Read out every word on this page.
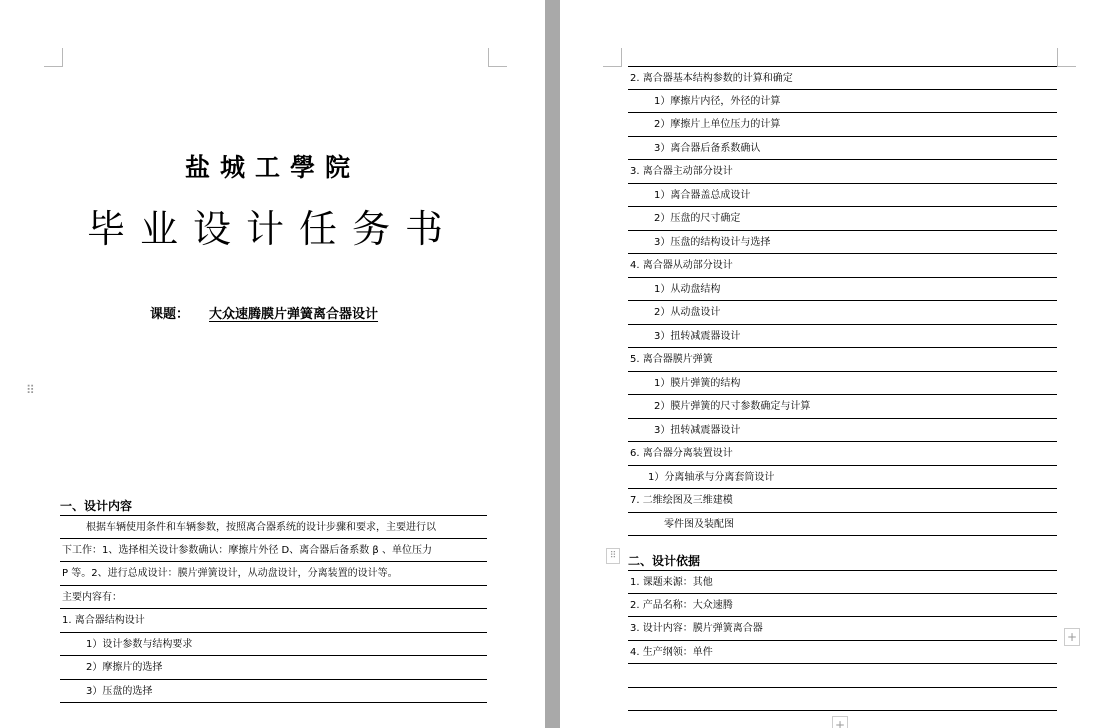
盐城工學院
毕业设计任务书
课题： 大众速腾膜片弹簧离合器设计
⠿
一、设计内容
根据车辆使用条件和车辆参数，按照离合器系统的设计步骤和要求，主要进行以
下工作：1、选择相关设计参数确认：摩擦片外径 D、离合器后备系数 β 、单位压力
P 等。2、进行总成设计：膜片弹簧设计，从动盘设计，分离装置的设计等。
主要内容有：
1. 离合器结构设计
1）设计参数与结构要求
2）摩擦片的选择
3）压盘的选择
2. 离合器基本结构参数的计算和确定
1）摩擦片内径，外径的计算
2）摩擦片上单位压力的计算
3）离合器后备系数确认
3. 离合器主动部分设计
1）离合器盖总成设计
2）压盘的尺寸确定
3）压盘的结构设计与选择
4. 离合器从动部分设计
1）从动盘结构
2）从动盘设计
3）扭转减震器设计
5. 离合器膜片弹簧
1）膜片弹簧的结构
2）膜片弹簧的尺寸参数确定与计算
3）扭转减震器设计
6. 离合器分离装置设计
1）分离轴承与分离套筒设计
7. 二维绘图及三维建模
零件图及装配图
⠿ 二、设计依据
1. 课题来源：其他
2. 产品名称：大众速腾
3. 设计内容：膜片弹簧离合器
4. 生产纲领：单件
+
+
